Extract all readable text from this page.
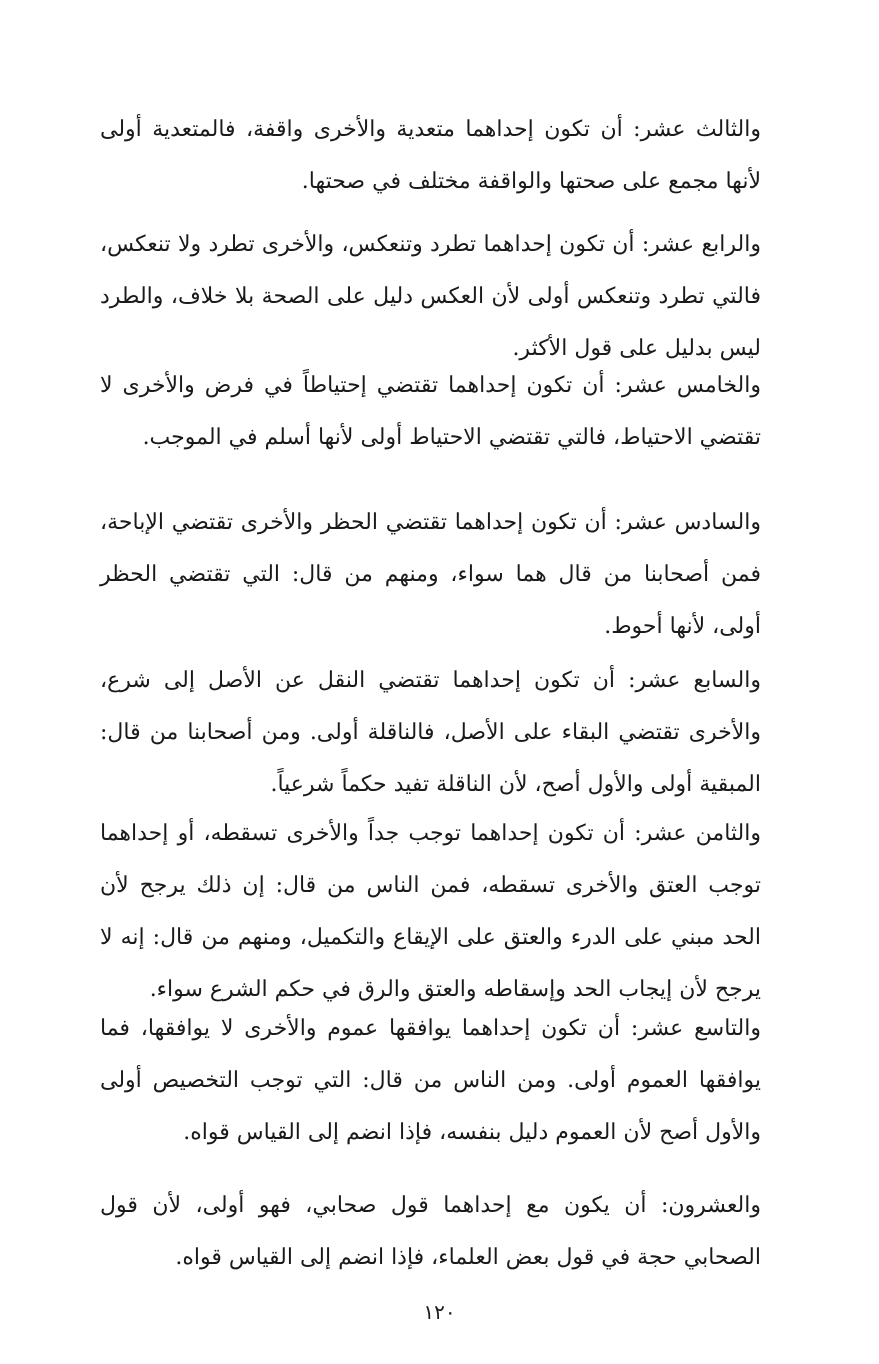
والثالث عشر: أن تكون إحداهما متعدية والأخرى واقفة، فالمتعدية أولى لأنها مجمع على صحتها والواقفة مختلف في صحتها.

والرابع عشر: أن تكون إحداهما تطرد وتنعكس، والأخرى تطرد ولا تنعكس، فالتي تطرد وتنعكس أولى لأن العكس دليل على الصحة بلا خلاف، والطرد ليس بدليل على قول الأكثر.

والخامس عشر: أن تكون إحداهما تقتضي إحتياطاً في فرض والأخرى لا تقتضي الاحتياط، فالتي تقتضي الاحتياط أولى لأنها أسلم في الموجب.

والسادس عشر: أن تكون إحداهما تقتضي الحظر والأخرى تقتضي الإباحة، فمن أصحابنا من قال هما سواء، ومنهم من قال: التي تقتضي الحظر أولى، لأنها أحوط.

والسابع عشر: أن تكون إحداهما تقتضي النقل عن الأصل إلى شرع، والأخرى تقتضي البقاء على الأصل، فالناقلة أولى. ومن أصحابنا من قال: المبقية أولى والأول أصح، لأن الناقلة تفيد حكماً شرعياً.

والثامن عشر: أن تكون إحداهما توجب جداً والأخرى تسقطه، أو إحداهما توجب العتق والأخرى تسقطه، فمن الناس من قال: إن ذلك يرجح لأن الحد مبني على الدرء والعتق على الإيقاع والتكميل، ومنهم من قال: إنه لا يرجح لأن إيجاب الحد وإسقاطه والعتق والرق في حكم الشرع سواء.

والتاسع عشر: أن تكون إحداهما يوافقها عموم والأخرى لا يوافقها، فما يوافقها العموم أولى. ومن الناس من قال: التي توجب التخصيص أولى والأول أصح لأن العموم دليل بنفسه، فإذا انضم إلى القياس قواه.

والعشرون: أن يكون مع إحداهما قول صحابي، فهو أولى، لأن قول الصحابي حجة في قول بعض العلماء، فإذا انضم إلى القياس قواه.

١٢٠
